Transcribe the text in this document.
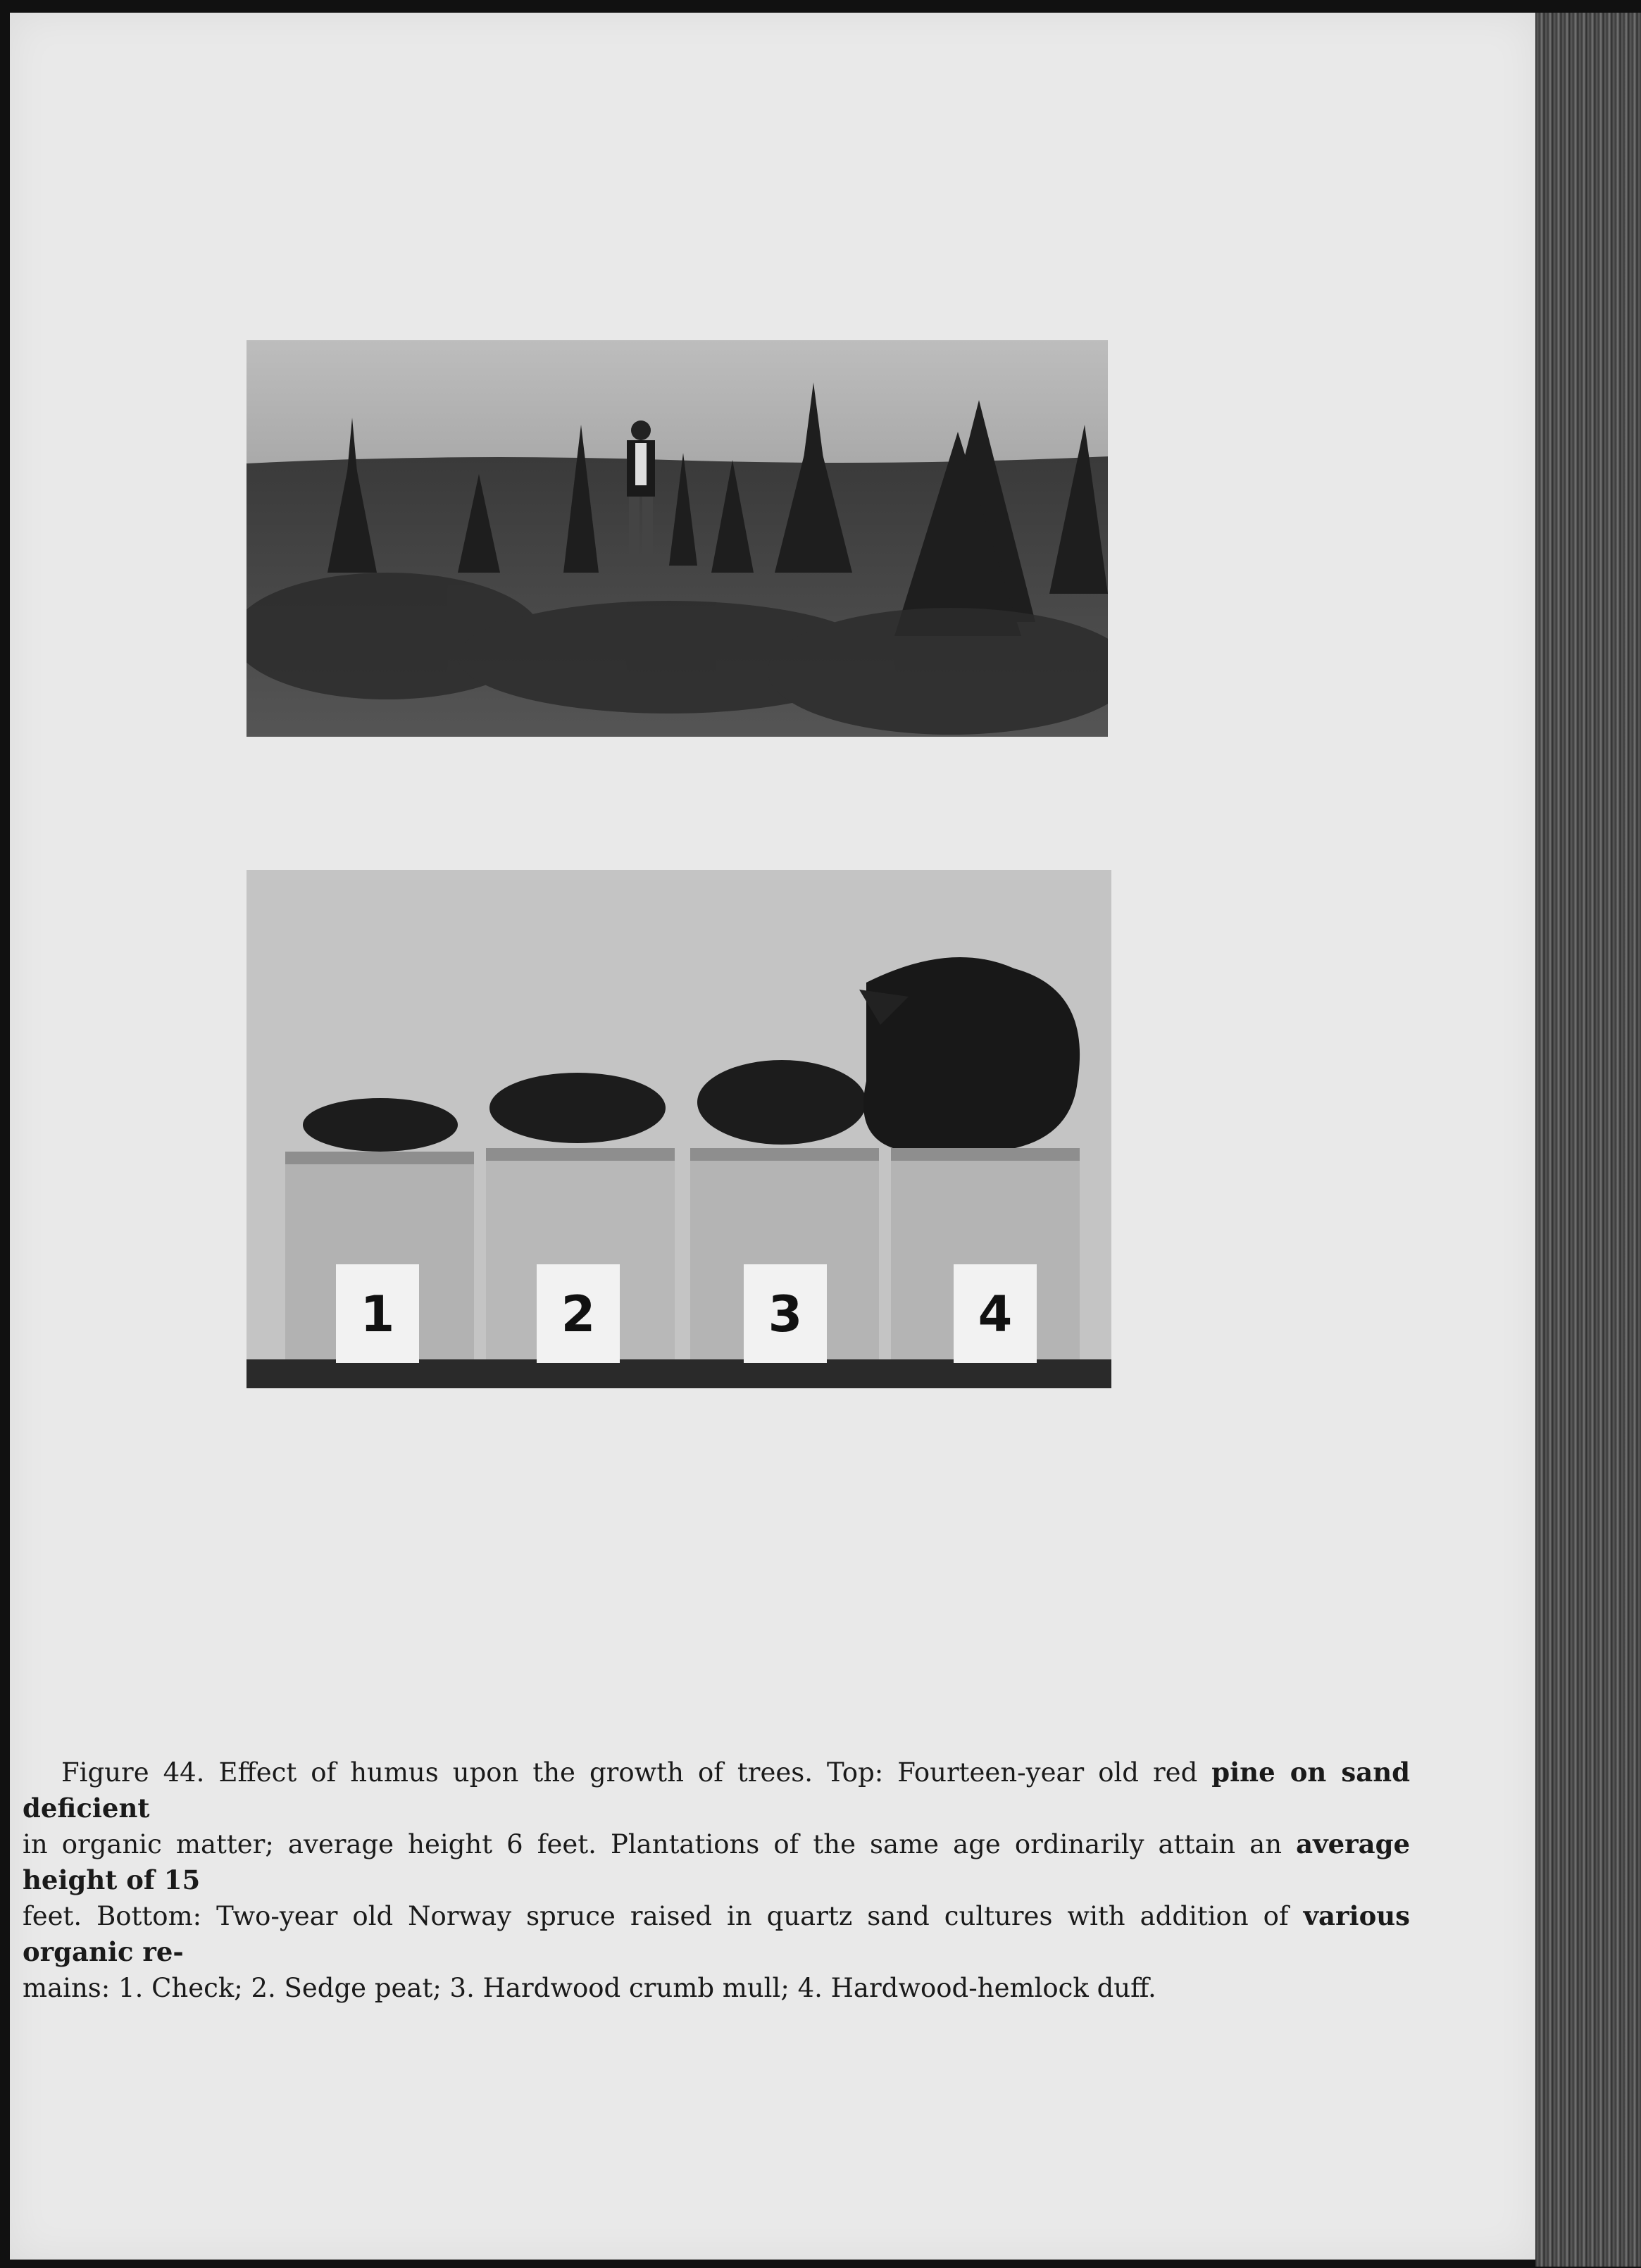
1	2	3	4

Figure 44. Effect of humus upon the growth of trees. Top: Fourteen-year old red pine on sand deficient

in organic matter; average height 6 feet. Plantations of the same age ordinarily attain an average height of 15

feet. Bottom: Two-year old Norway spruce raised in quartz sand cultures with addition of various organic re-

mains: 1. Check; 2. Sedge peat; 3. Hardwood crumb mull; 4. Hardwood-hemlock duff.
